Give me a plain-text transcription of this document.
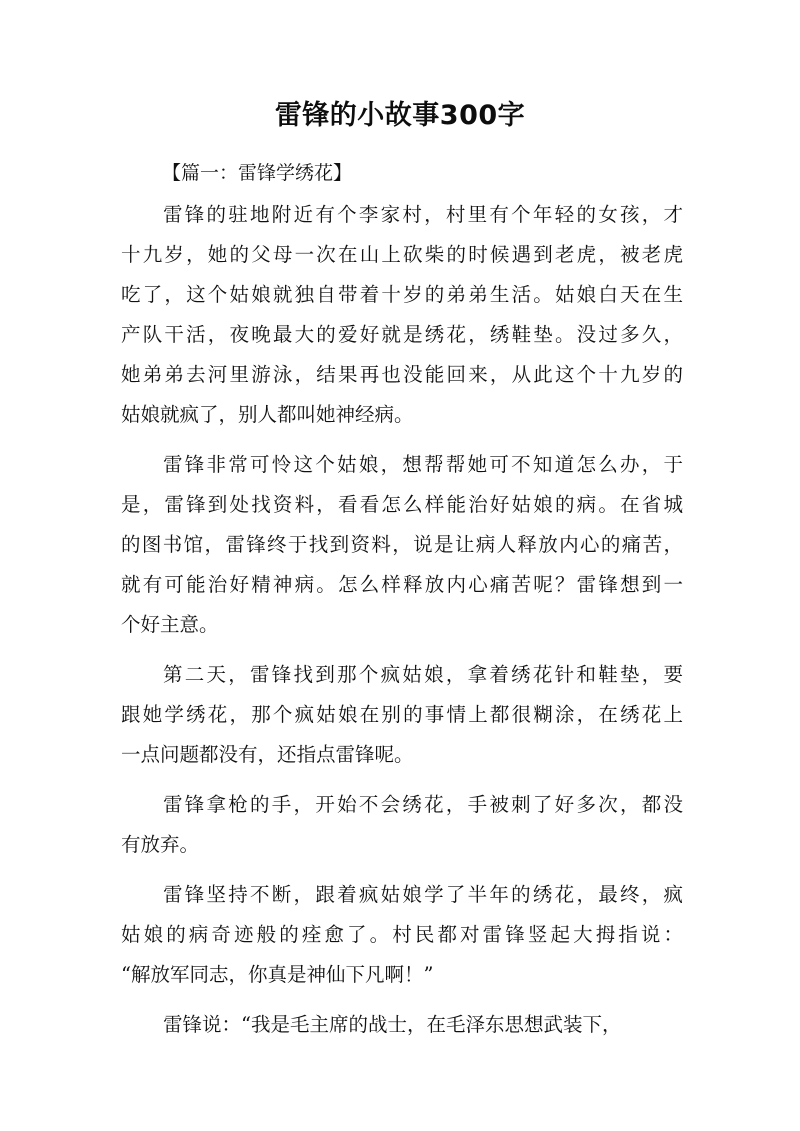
雷锋的小故事300字
【篇一：雷锋学绣花】
雷锋的驻地附近有个李家村，村里有个年轻的女孩，才
十九岁，她的父母一次在山上砍柴的时候遇到老虎，被老虎
吃了，这个姑娘就独自带着十岁的弟弟生活。姑娘白天在生
产队干活，夜晚最大的爱好就是绣花，绣鞋垫。没过多久，
她弟弟去河里游泳，结果再也没能回来，从此这个十九岁的
姑娘就疯了，别人都叫她神经病。
雷锋非常可怜这个姑娘，想帮帮她可不知道怎么办，于
是，雷锋到处找资料，看看怎么样能治好姑娘的病。在省城
的图书馆，雷锋终于找到资料，说是让病人释放内心的痛苦，
就有可能治好精神病。怎么样释放内心痛苦呢？雷锋想到一
个好主意。
第二天，雷锋找到那个疯姑娘，拿着绣花针和鞋垫，要
跟她学绣花，那个疯姑娘在别的事情上都很糊涂，在绣花上
一点问题都没有，还指点雷锋呢。
雷锋拿枪的手，开始不会绣花，手被刺了好多次，都没
有放弃。
雷锋坚持不断，跟着疯姑娘学了半年的绣花，最终，疯
姑娘的病奇迹般的痊愈了。村民都对雷锋竖起大拇指说：
“解放军同志，你真是神仙下凡啊！”
雷锋说：“我是毛主席的战士，在毛泽东思想武装下，
